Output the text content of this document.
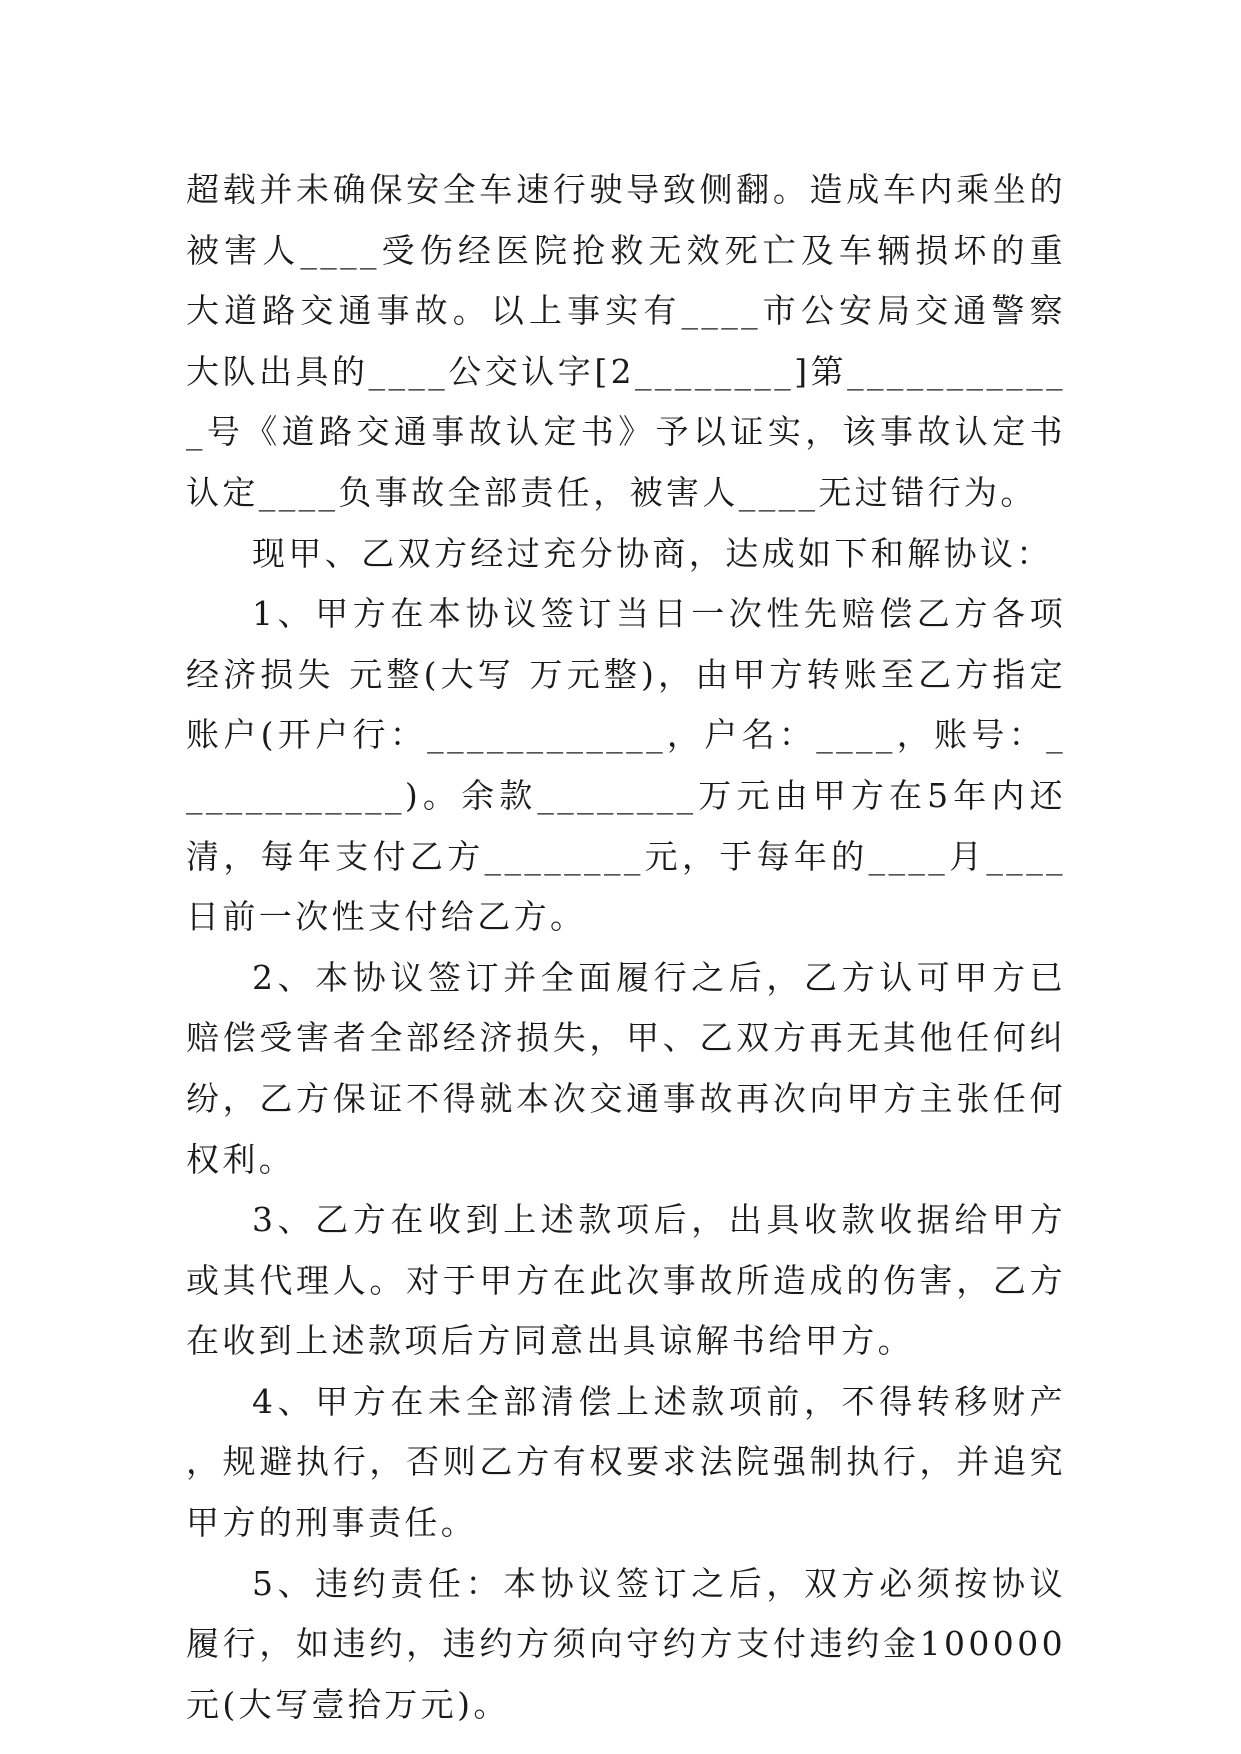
超载并未确保安全车速行驶导致侧翻。造成车内乘坐的被害人____受伤经医院抢救无效死亡及车辆损坏的重大道路交通事故。以上事实有____市公安局交通警察大队出具的____公交认字[2________]第____________号《道路交通事故认定书》予以证实，该事故认定书认定____负事故全部责任，被害人____无过错行为。

现甲、乙双方经过充分协商，达成如下和解协议：

1、甲方在本协议签订当日一次性先赔偿乙方各项经济损失 元整(大写 万元整)，由甲方转账至乙方指定账户(开户行：____________，户名：____，账号：____________)。余款________万元由甲方在5年内还清，每年支付乙方________元，于每年的____月____日前一次性支付给乙方。

2、本协议签订并全面履行之后，乙方认可甲方已赔偿受害者全部经济损失，甲、乙双方再无其他任何纠纷，乙方保证不得就本次交通事故再次向甲方主张任何权利。

3、乙方在收到上述款项后，出具收款收据给甲方或其代理人。对于甲方在此次事故所造成的伤害，乙方在收到上述款项后方同意出具谅解书给甲方。

4、甲方在未全部清偿上述款项前，不得转移财产，规避执行，否则乙方有权要求法院强制执行，并追究甲方的刑事责任。

5、违约责任：本协议签订之后，双方必须按协议履行，如违约，违约方须向守约方支付违约金100000元(大写壹拾万元)。
